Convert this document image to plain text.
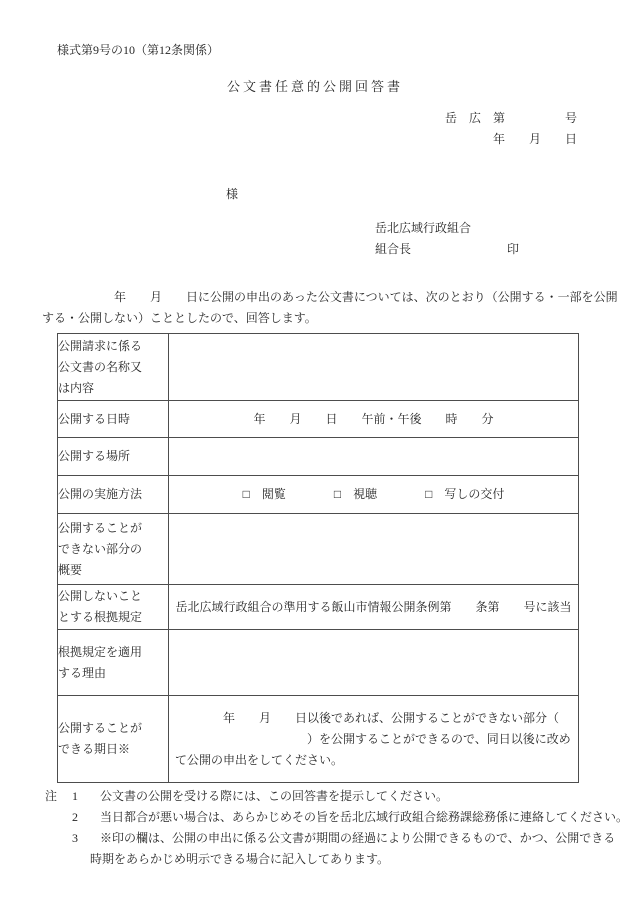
様式第9号の10（第12条関係）
公文書任意的公開回答書
岳　広　第　　　　　号
年　　月　　日
様
岳北広域行政組合
組合長	印
　　　　　　年　　月　　日に公開の申出のあった公文書については、次のとおり（公開する・一部を公開
する・公開しない）こととしたので、回答します。
公開請求に係る公文書の名称又は内容	
公開する日時	年　　月　　日　　午前・午後　　時　　分
公開する場所	
公開の実施方法	□ 閲覧 □ 視聴 □ 写しの交付

公開することができない部分の概要	
公開しないこととする根拠規定	岳北広域行政組合の準用する飯山市情報公開条例第　　条第　　号に該当
根拠規定を適用する理由	
公開することができる期日※	　　　　年　　月　　日以後であれば、公開することができない部分（
　　　　　　　　　　　）を公開することができるので、同日以後に改め
て公開の申出をしてください。
注	1	公文書の公開を受ける際には、この回答書を提示してください。
2	当日都合が悪い場合は、あらかじめその旨を岳北広域行政組合総務課総務係に連絡してください。
3	※印の欄は、公開の申出に係る公文書が期間の経過により公開できるもので、かつ、公開できる
時期をあらかじめ明示できる場合に記入してあります。
